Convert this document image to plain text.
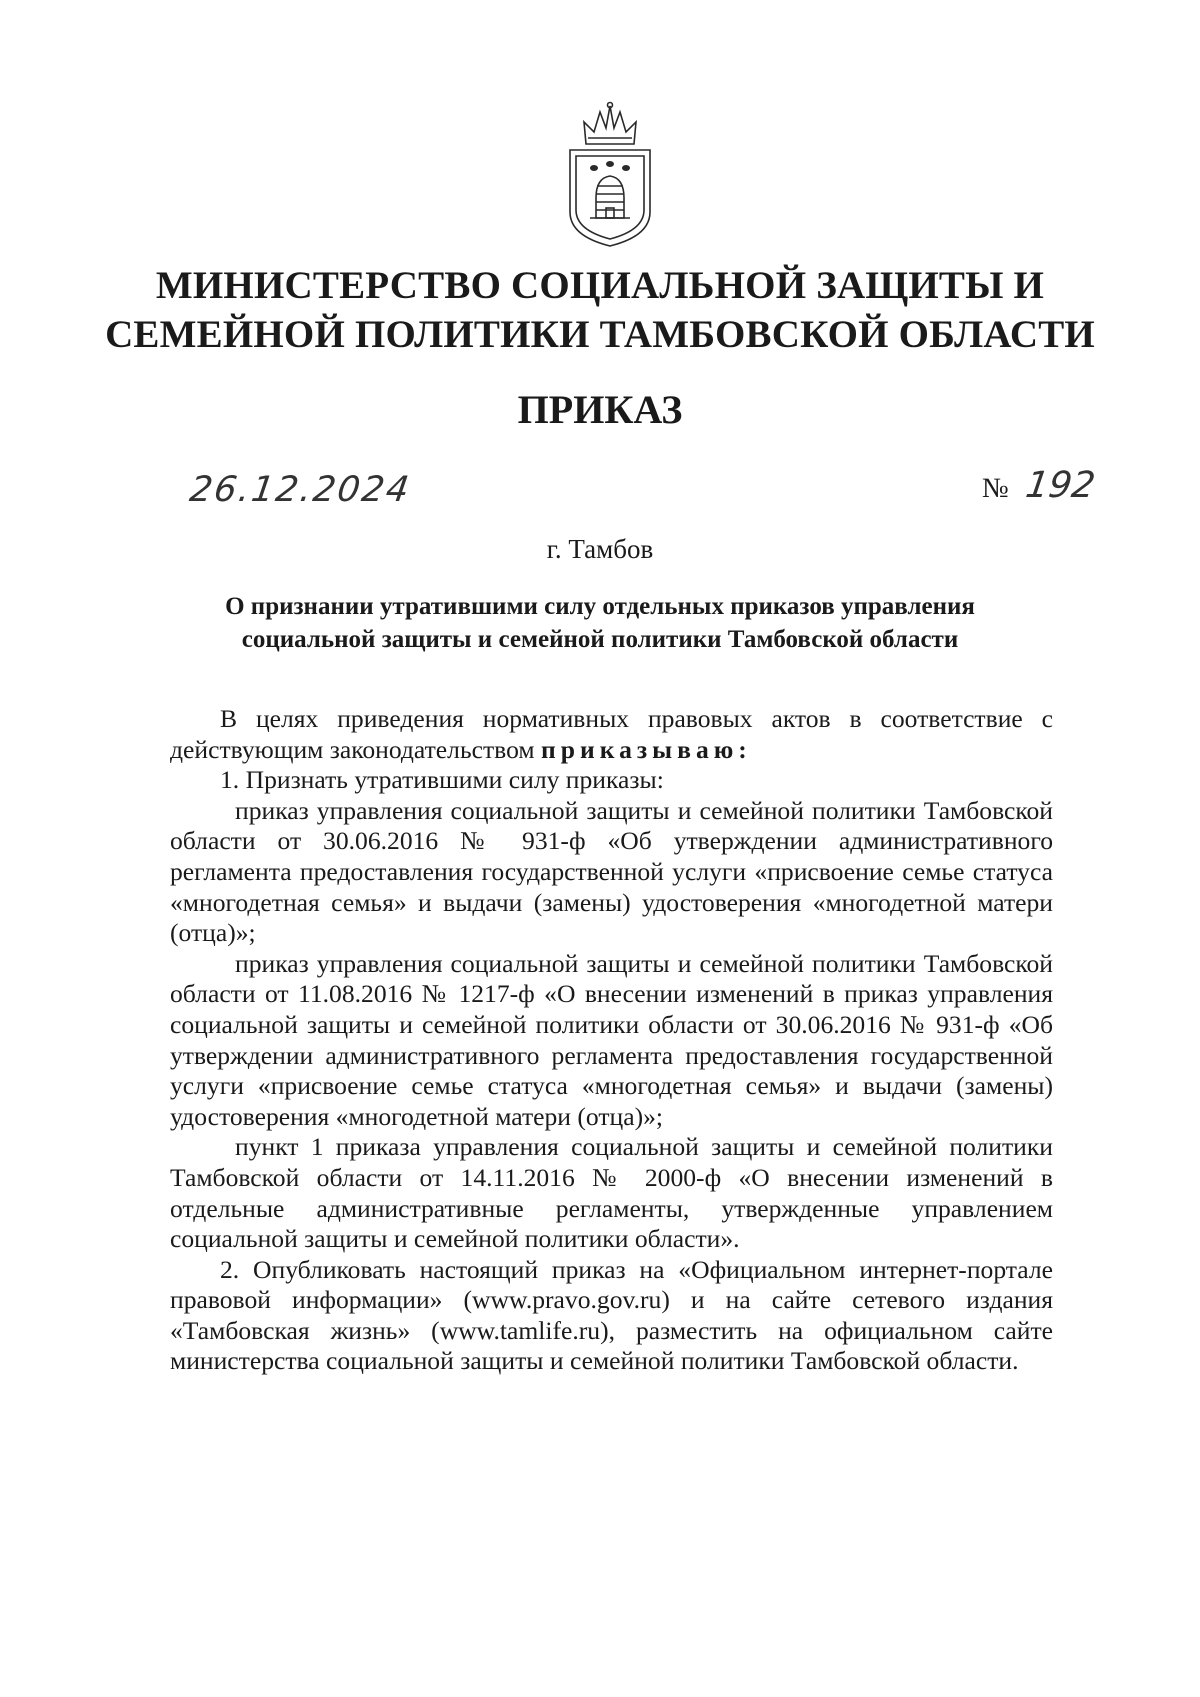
МИНИСТЕРСТВО СОЦИАЛЬНОЙ ЗАЩИТЫ И
СЕМЕЙНОЙ ПОЛИТИКИ ТАМБОВСКОЙ ОБЛАСТИ
ПРИКАЗ
26.12.2024	№ 192
г. Тамбов
О признании утратившими силу отдельных приказов управления
социальной защиты и семейной политики Тамбовской области

В целях приведения нормативных правовых актов в соответствие с действующим законодательством приказываю:

1. Признать утратившими силу приказы:

приказ управления социальной защиты и семейной политики Тамбовской области от 30.06.2016 № 931-ф «Об утверждении административного регламента предоставления государственной услуги «присвоение семье статуса «многодетная семья» и выдачи (замены) удостоверения «многодетной матери (отца)»;

приказ управления социальной защиты и семейной политики Тамбовской области от 11.08.2016 № 1217-ф «О внесении изменений в приказ управления социальной защиты и семейной политики области от 30.06.2016 № 931-ф «Об утверждении административного регламента предоставления государственной услуги «присвоение семье статуса «многодетная семья» и выдачи (замены) удостоверения «многодетной матери (отца)»;

пункт 1 приказа управления социальной защиты и семейной политики Тамбовской области от 14.11.2016 № 2000-ф «О внесении изменений в отдельные административные регламенты, утвержденные управлением социальной защиты и семейной политики области».

2. Опубликовать настоящий приказ на «Официальном интернет-портале правовой информации» (www.pravo.gov.ru) и на сайте сетевого издания «Тамбовская жизнь» (www.tamlife.ru), разместить на официальном сайте министерства социальной защиты и семейной политики Тамбовской области.
